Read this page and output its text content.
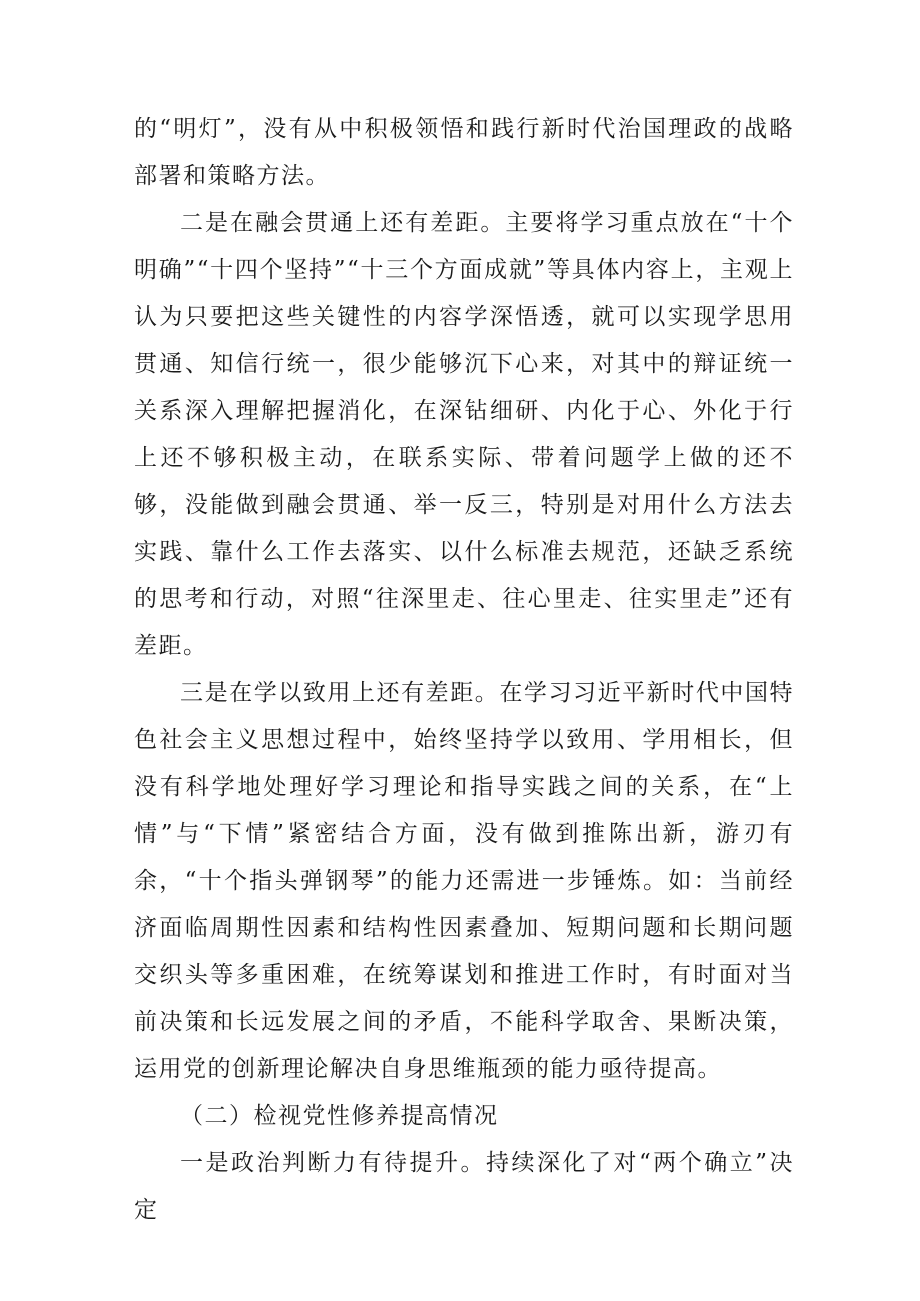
的“明灯”，没有从中积极领悟和践行新时代治国理政的战略部署和策略方法。

二是在融会贯通上还有差距。主要将学习重点放在“十个明确”“十四个坚持”“十三个方面成就”等具体内容上，主观上认为只要把这些关键性的内容学深悟透，就可以实现学思用贯通、知信行统一，很少能够沉下心来，对其中的辩证统一关系深入理解把握消化，在深钻细研、内化于心、外化于行上还不够积极主动，在联系实际、带着问题学上做的还不够，没能做到融会贯通、举一反三，特别是对用什么方法去实践、靠什么工作去落实、以什么标准去规范，还缺乏系统的思考和行动，对照“往深里走、往心里走、往实里走”还有差距。

三是在学以致用上还有差距。在学习习近平新时代中国特色社会主义思想过程中，始终坚持学以致用、学用相长，但没有科学地处理好学习理论和指导实践之间的关系，在“上情”与“下情”紧密结合方面，没有做到推陈出新，游刃有余，“十个指头弹钢琴”的能力还需进一步锤炼。如：当前经济面临周期性因素和结构性因素叠加、短期问题和长期问题交织头等多重困难，在统筹谋划和推进工作时，有时面对当前决策和长远发展之间的矛盾，不能科学取舍、果断决策，运用党的创新理论解决自身思维瓶颈的能力亟待提高。

（二）检视党性修养提高情况

一是政治判断力有待提升。持续深化了对“两个确立”决定
